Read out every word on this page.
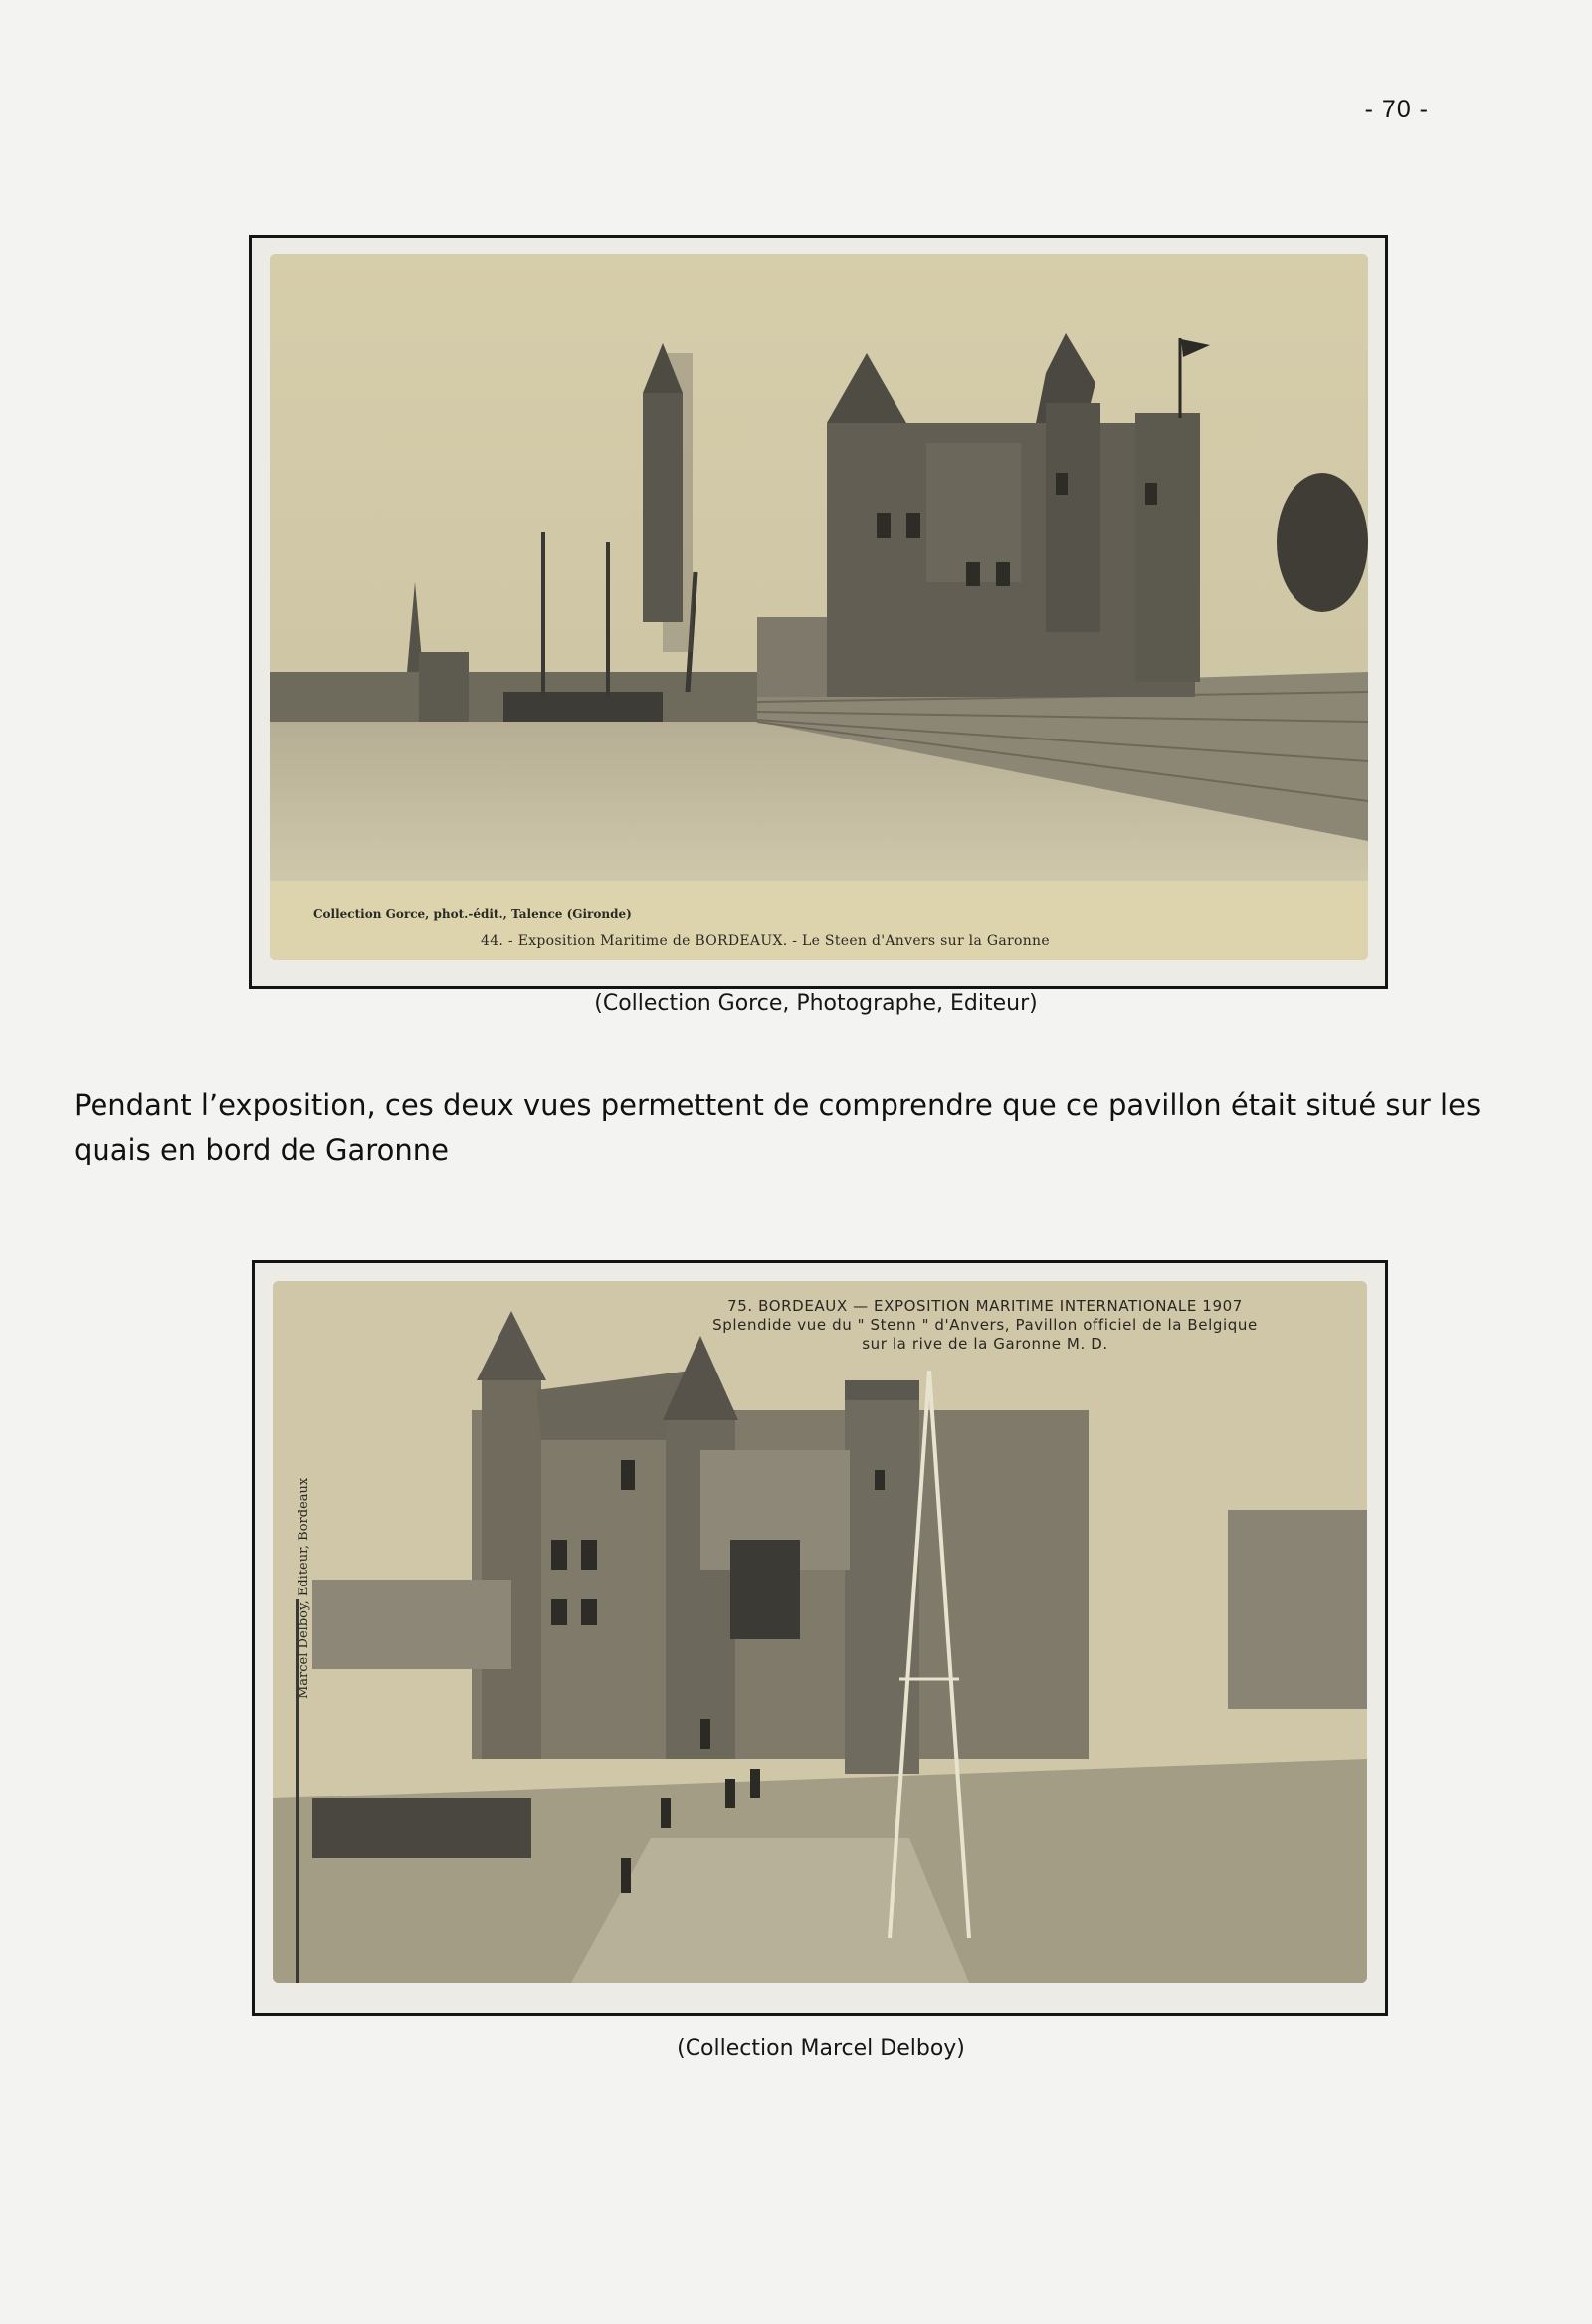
- 70 -
Collection Gorce, phot.-édit., Talence (Gironde)
44. - Exposition Maritime de BORDEAUX. - Le Steen d'Anvers sur la Garonne
(Collection Gorce, Photographe, Editeur)
Pendant l’exposition, ces deux vues permettent de comprendre que ce pavillon était situé sur les
quais en bord de Garonne
75. BORDEAUX — EXPOSITION MARITIME INTERNATIONALE 1907
Splendide vue du " Stenn " d'Anvers, Pavillon officiel de la Belgique
sur la rive de la Garonne M. D.
Marcel Delboy, Editeur, Bordeaux
(Collection Marcel Delboy)
